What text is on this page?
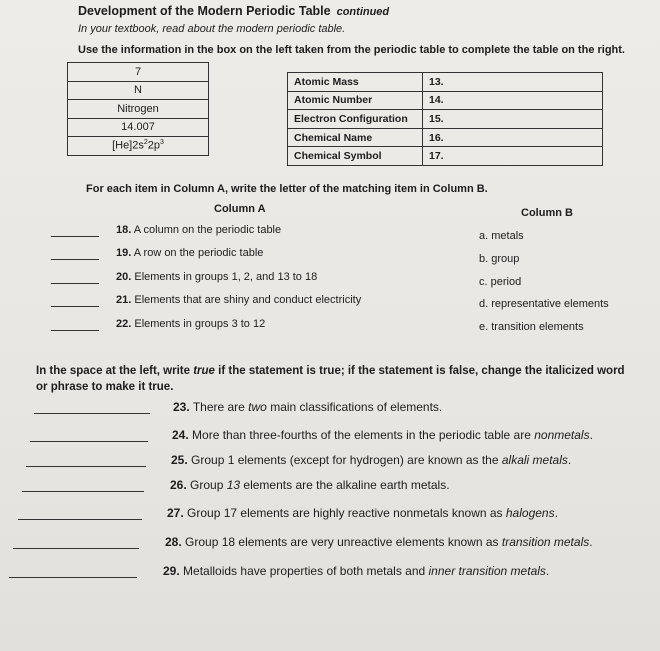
Development of the Modern Periodic Table continued
In your textbook, read about the modern periodic table.
Use the information in the box on the left taken from the periodic table to complete the table on the right.
7
N
Nitrogen
14.007
$[He]2s^22p^3$
Atomic Mass	13.
Atomic Number	14.
Electron Configuration	15.
Chemical Name	16.
Chemical Symbol	17.
For each item in Column A, write the letter of the matching item in Column B.
Column A	Column B
18. A column on the periodic table
19. A row on the periodic table
20. Elements in groups 1, 2, and 13 to 18
21. Elements that are shiny and conduct electricity
22. Elements in groups 3 to 12
a. metals
b. group
c. period
d. representative elements
e. transition elements
In the space at the left, write true if the statement is true; if the statement is false, change the italicized word or phrase to make it true.
23. There are two main classifications of elements.
24. More than three-fourths of the elements in the periodic table are nonmetals.
25. Group 1 elements (except for hydrogen) are known as the alkali metals.
26. Group 13 elements are the alkaline earth metals.
27. Group 17 elements are highly reactive nonmetals known as halogens.
28. Group 18 elements are very unreactive elements known as transition metals.
29. Metalloids have properties of both metals and inner transition metals.
